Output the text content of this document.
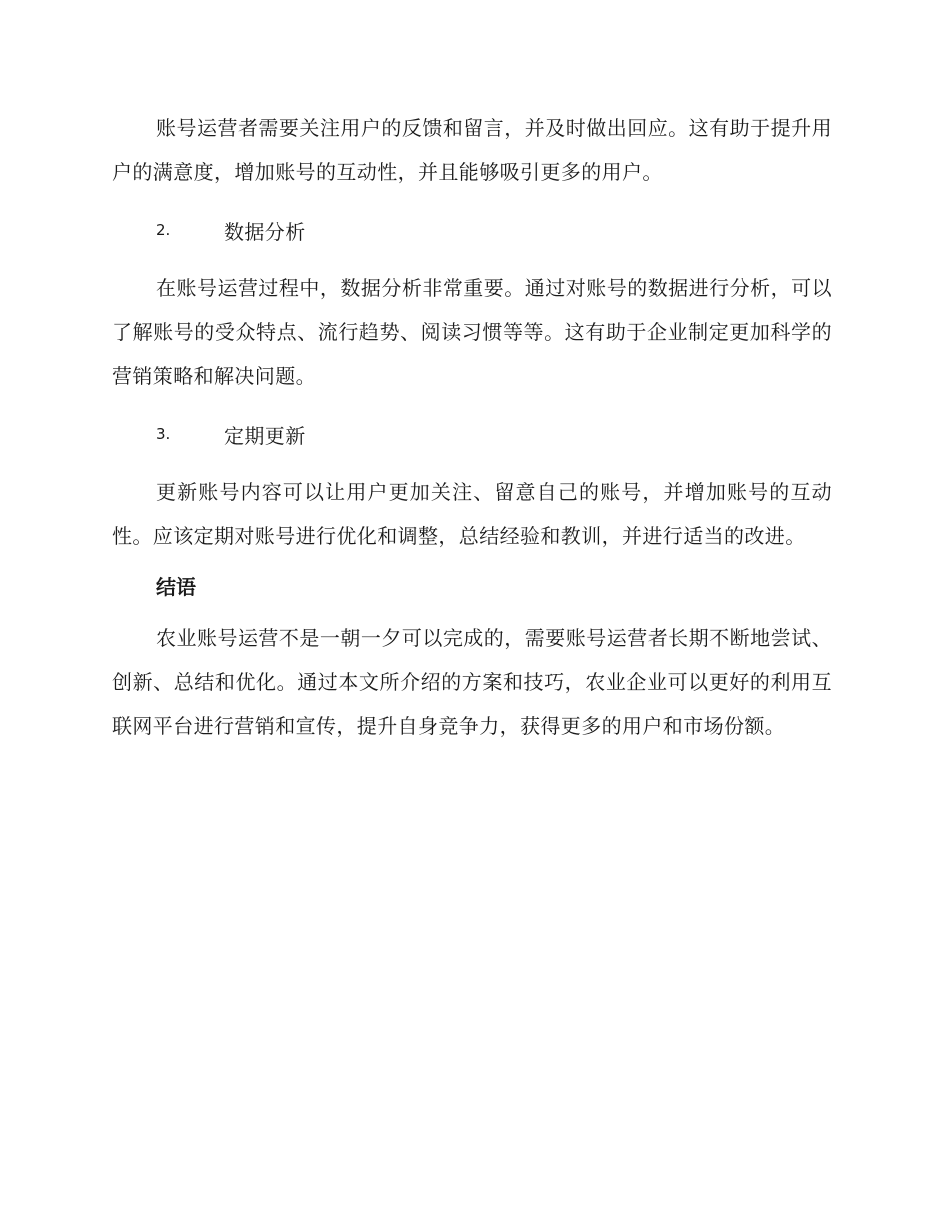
账号运营者需要关注用户的反馈和留言，并及时做出回应。这有助于提升用户的满意度，增加账号的互动性，并且能够吸引更多的用户。

2.	数据分析

在账号运营过程中，数据分析非常重要。通过对账号的数据进行分析，可以了解账号的受众特点、流行趋势、阅读习惯等等。这有助于企业制定更加科学的营销策略和解决问题。

3.	定期更新

更新账号内容可以让用户更加关注、留意自己的账号，并增加账号的互动性。应该定期对账号进行优化和调整，总结经验和教训，并进行适当的改进。

结语

农业账号运营不是一朝一夕可以完成的，需要账号运营者长期不断地尝试、创新、总结和优化。通过本文所介绍的方案和技巧，农业企业可以更好的利用互联网平台进行营销和宣传，提升自身竞争力，获得更多的用户和市场份额。
